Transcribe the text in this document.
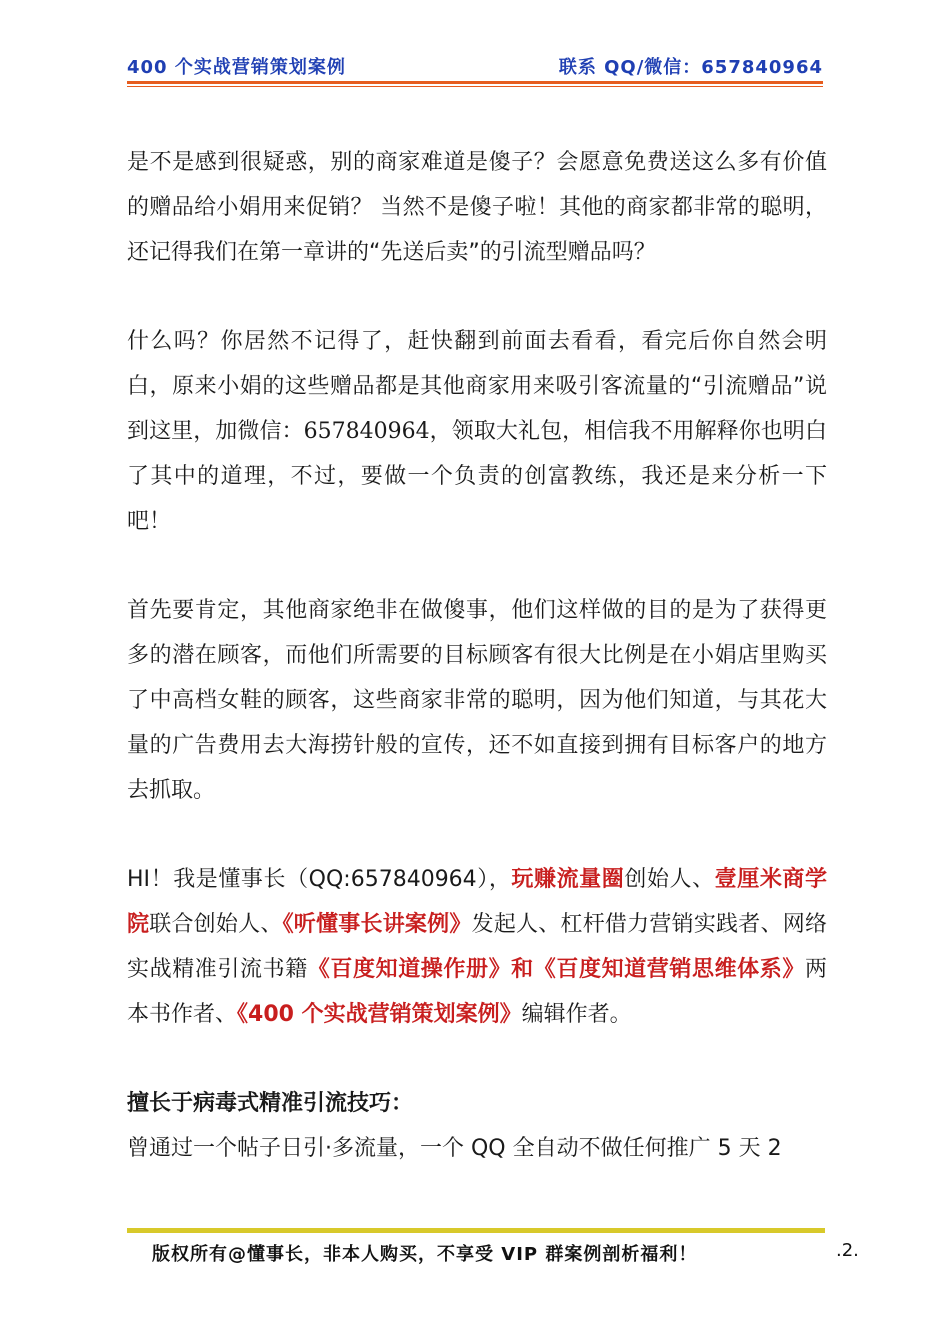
400 个实战营销策划案例	联系 QQ/微信：657840964

是不是感到很疑惑，别的商家难道是傻子？会愿意免费送这么多有价值的赠品给小娟用来促销？ 当然不是傻子啦！其他的商家都非常的聪明，还记得我们在第一章讲的“先送后卖”的引流型赠品吗？

什么吗？你居然不记得了，赶快翻到前面去看看，看完后你自然会明白，原来小娟的这些赠品都是其他商家用来吸引客流量的“引流赠品”说到这里，加微信：657840964，领取大礼包，相信我不用解释你也明白了其中的道理，不过，要做一个负责的创富教练，我还是来分析一下吧！

首先要肯定，其他商家绝非在做傻事，他们这样做的目的是为了获得更多的潜在顾客，而他们所需要的目标顾客有很大比例是在小娟店里购买了中高档女鞋的顾客，这些商家非常的聪明，因为他们知道，与其花大量的广告费用去大海捞针般的宣传，还不如直接到拥有目标客户的地方去抓取。

HI！我是懂事长（QQ:657840964），玩赚流量圈创始人、壹厘米商学院联合创始人、《听懂事长讲案例》发起人、杠杆借力营销实践者、网络实战精准引流书籍《百度知道操作册》和《百度知道营销思维体系》两本书作者、《400 个实战营销策划案例》编辑作者。

擅长于病毒式精准引流技巧：

曾通过一个帖子日引·多流量，一个 QQ 全自动不做任何推广 5 天 2

版权所有@懂事长，非本人购买，不享受 VIP 群案例剖析福利！	.2.
